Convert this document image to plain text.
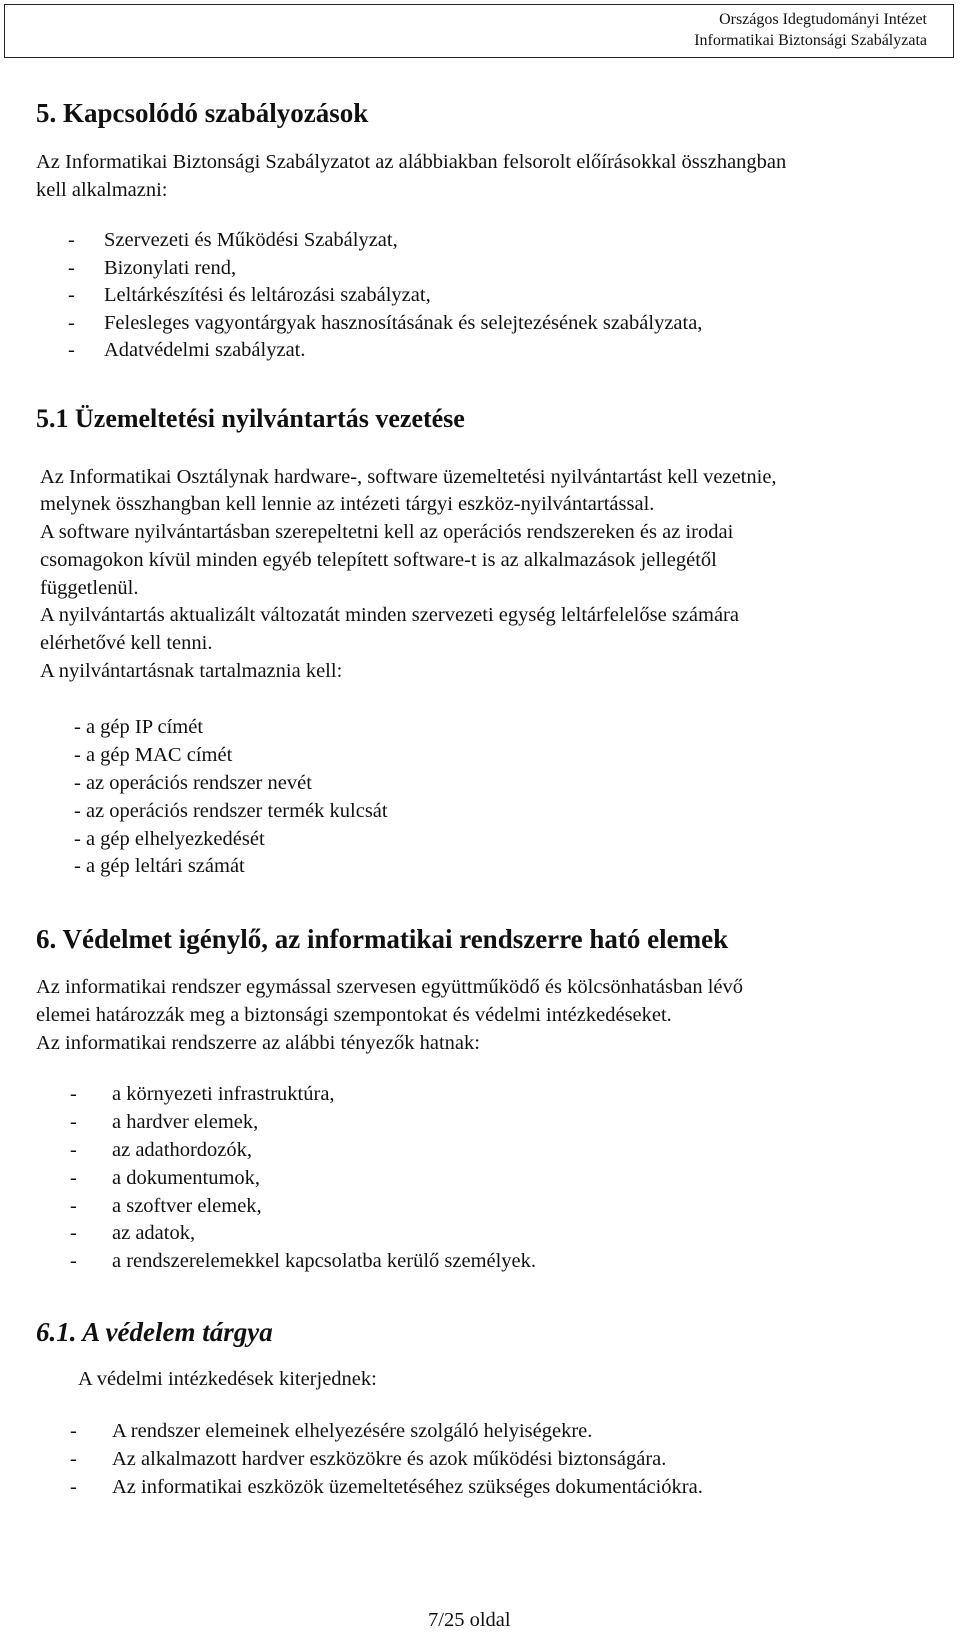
Országos Idegtudományi Intézet
Informatikai Biztonsági Szabályzata
5. Kapcsolódó szabályozások
Az Informatikai Biztonsági Szabályzatot az alábbiakban felsorolt előírásokkal összhangban
kell alkalmazni:
- Szervezeti és Működési Szabályzat,
- Bizonylati rend,
- Leltárkészítési és leltározási szabályzat,
- Felesleges vagyontárgyak hasznosításának és selejtezésének szabályzata,
- Adatvédelmi szabályzat.
5.1 Üzemeltetési nyilvántartás vezetése
Az Informatikai Osztálynak hardware-, software üzemeltetési nyilvántartást kell vezetnie,
melynek összhangban kell lennie az intézeti tárgyi eszköz-nyilvántartással.
A software nyilvántartásban szerepeltetni kell az operációs rendszereken és az irodai
csomagokon kívül minden egyéb telepített software-t is az alkalmazások jellegétől
függetlenül.
A nyilvántartás aktualizált változatát minden szervezeti egység leltárfelelőse számára
elérhetővé kell tenni.
A nyilvántartásnak tartalmaznia kell:
- a gép IP címét
- a gép MAC címét
- az operációs rendszer nevét
- az operációs rendszer termék kulcsát
- a gép elhelyezkedését
- a gép leltári számát
6. Védelmet igénylő, az informatikai rendszerre ható elemek
Az informatikai rendszer egymással szervesen együttműködő és kölcsönhatásban lévő
elemei határozzák meg a biztonsági szempontokat és védelmi intézkedéseket.
Az informatikai rendszerre az alábbi tényezők hatnak:
- a környezeti infrastruktúra,
- a hardver elemek,
- az adathordozók,
- a dokumentumok,
- a szoftver elemek,
- az adatok,
- a rendszerelemekkel kapcsolatba kerülő személyek.
6.1. A védelem tárgya
A védelmi intézkedések kiterjednek:
- A rendszer elemeinek elhelyezésére szolgáló helyiségekre.
- Az alkalmazott hardver eszközökre és azok működési biztonságára.
- Az informatikai eszközök üzemeltetéséhez szükséges dokumentációkra.
7/25 oldal
